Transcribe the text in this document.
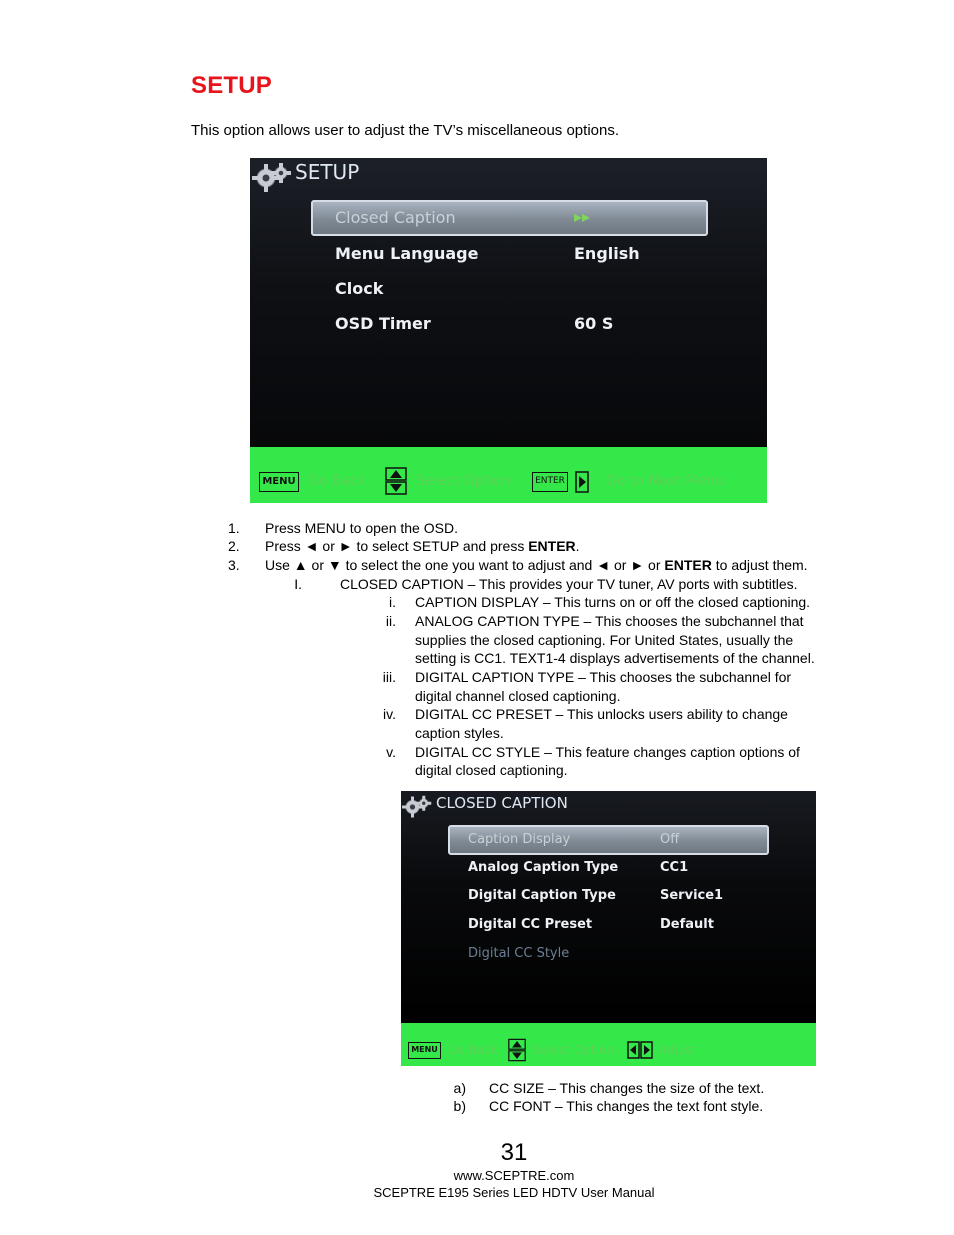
SETUP
This option allows user to adjust the TV’s miscellaneous options.
SETUP
Closed Caption	▸▸
Menu Language	English
Clock
OSD Timer	60 S
MENU Go Back	Select Option	ENTER	Go to Next Menu
1.	Press MENU to open the OSD.
2.	Press ◄ or ► to select SETUP and press ENTER.
3.	Use ▲ or ▼ to select the one you want to adjust and ◄ or ► or ENTER to adjust them.
I.	CLOSED CAPTION – This provides your TV tuner, AV ports with subtitles.
i. CAPTION DISPLAY – This turns on or off the closed captioning.
ii. ANALOG CAPTION TYPE – This chooses the subchannel that
supplies the closed captioning. For United States, usually the
setting is CC1. TEXT1-4 displays advertisements of the channel.
iii. DIGITAL CAPTION TYPE – This chooses the subchannel for
digital channel closed captioning.
iv. DIGITAL CC PRESET – This unlocks users ability to change
caption styles.
v. DIGITAL CC STYLE – This feature changes caption options of
digital closed captioning.
CLOSED CAPTION
Caption Display	Off
Analog Caption Type	CC1
Digital Caption Type	Service1
Digital CC Preset	Default
Digital CC Style
MENU Go Back	Select Option	Adjust
a) CC SIZE – This changes the size of the text.
b) CC FONT – This changes the text font style.
31
www.SCEPTRE.com
SCEPTRE E195 Series LED HDTV User Manual
